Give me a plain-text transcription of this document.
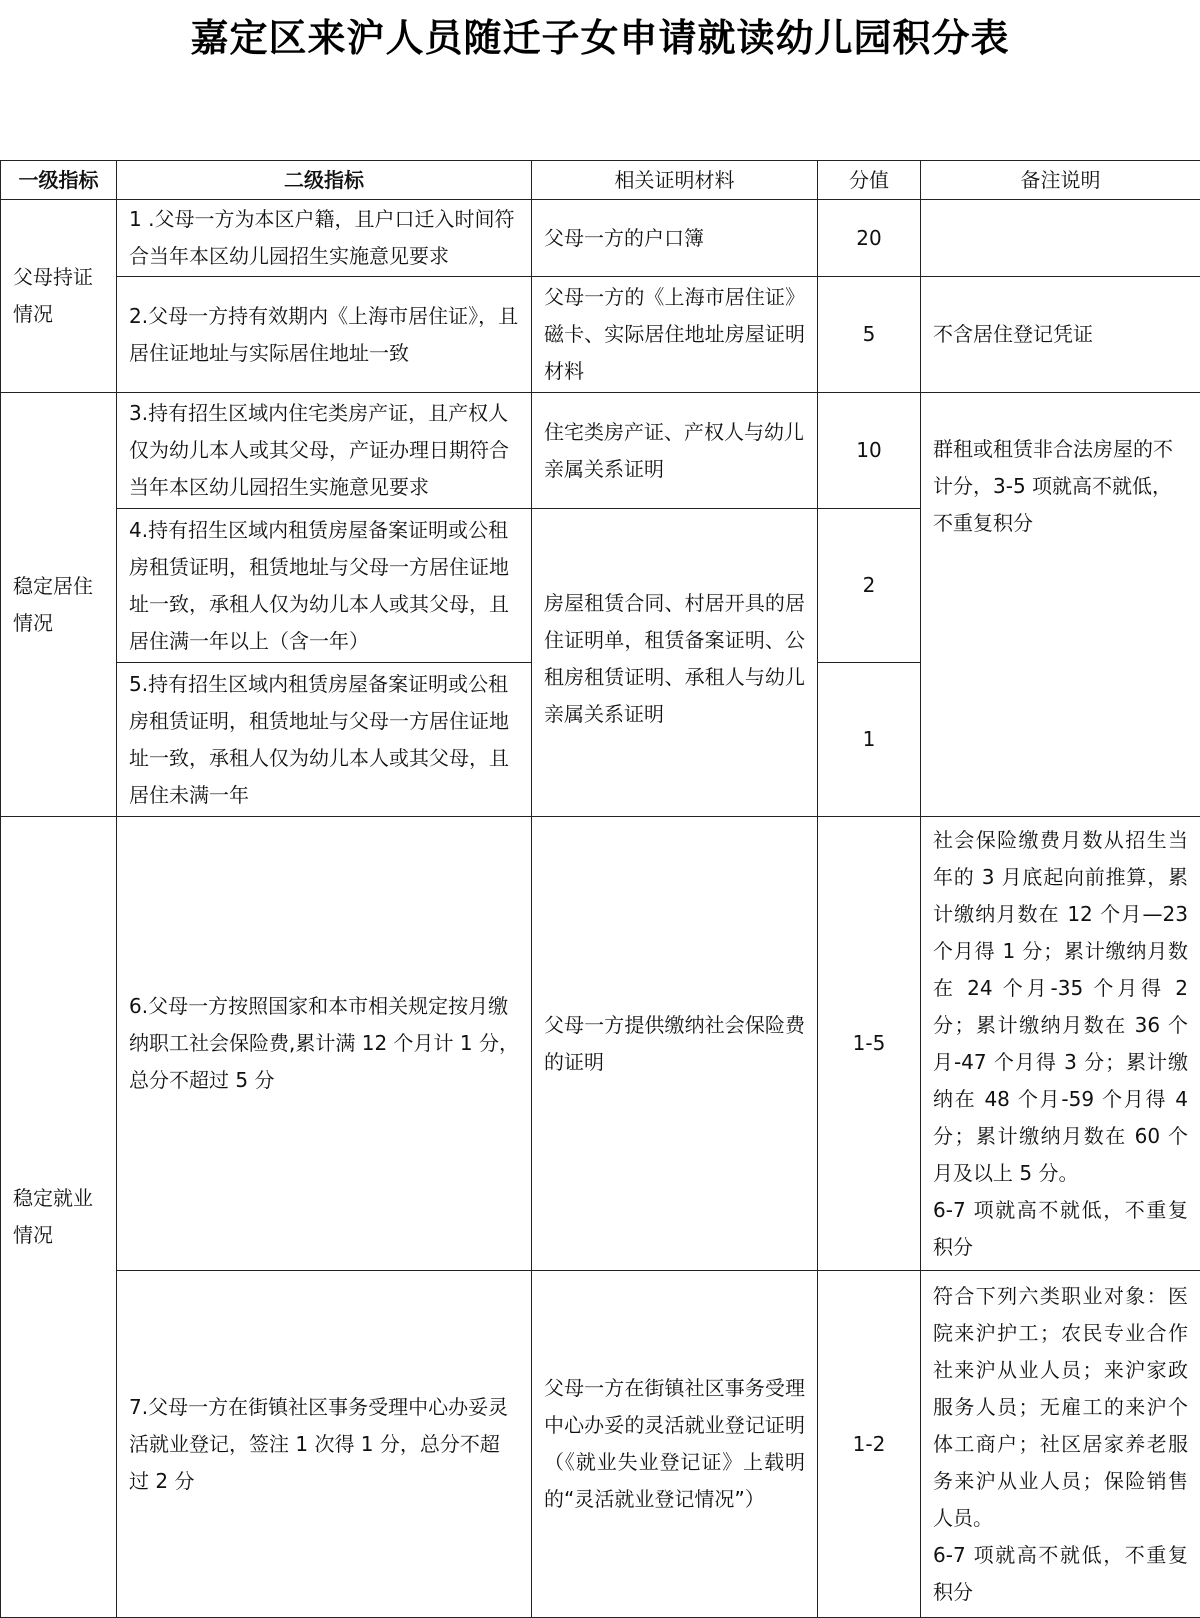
嘉定区来沪人员随迁子女申请就读幼儿园积分表
一级指标	二级指标	相关证明材料	分值	备注说明
父母持证情况	1 .父母一方为本区户籍，且户口迁入时间符合当年本区幼儿园招生实施意见要求	父母一方的户口簿	20	
	2.父母一方持有效期内《上海市居住证》，且居住证地址与实际居住地址一致	父母一方的《上海市居住证》磁卡、实际居住地址房屋证明材料	5	不含居住登记凭证
稳定居住情况	3.持有招生区域内住宅类房产证，且产权人仅为幼儿本人或其父母，产证办理日期符合当年本区幼儿园招生实施意见要求	住宅类房产证、产权人与幼儿亲属关系证明	10	群租或租赁非合法房屋的不计分，3-5 项就高不就低，不重复积分
	4.持有招生区域内租赁房屋备案证明或公租房租赁证明，租赁地址与父母一方居住证地址一致，承租人仅为幼儿本人或其父母，且居住满一年以上（含一年）	房屋租赁合同、村居开具的居住证明单，租赁备案证明、公租房租赁证明、承租人与幼儿亲属关系证明	2	
	5.持有招生区域内租赁房屋备案证明或公租房租赁证明，租赁地址与父母一方居住证地址一致，承租人仅为幼儿本人或其父母，且居住未满一年		1	
稳定就业情况	6.父母一方按照国家和本市相关规定按月缴纳职工社会保险费,累计满 12 个月计 1 分，总分不超过 5 分	父母一方提供缴纳社会保险费的证明	1-5	社会保险缴费月数从招生当年的 3 月底起向前推算，累计缴纳月数在 12 个月—23 个月得 1 分；累计缴纳月数在 24 个月-35 个月得 2 分；累计缴纳月数在 36 个月-47 个月得 3 分；累计缴纳在 48 个月-59 个月得 4 分；累计缴纳月数在 60 个月及以上 5 分。
6-7 项就高不就低，不重复积分

	7.父母一方在街镇社区事务受理中心办妥灵活就业登记，签注 1 次得 1 分，总分不超过 2 分	父母一方在街镇社区事务受理中心办妥的灵活就业登记证明（《就业失业登记证》上载明的“灵活就业登记情况”）	1-2	符合下列六类职业对象：医院来沪护工；农民专业合作社来沪从业人员；来沪家政服务人员；无雇工的来沪个体工商户；社区居家养老服务来沪从业人员；保险销售人员。
6-7 项就高不就低，不重复积分
